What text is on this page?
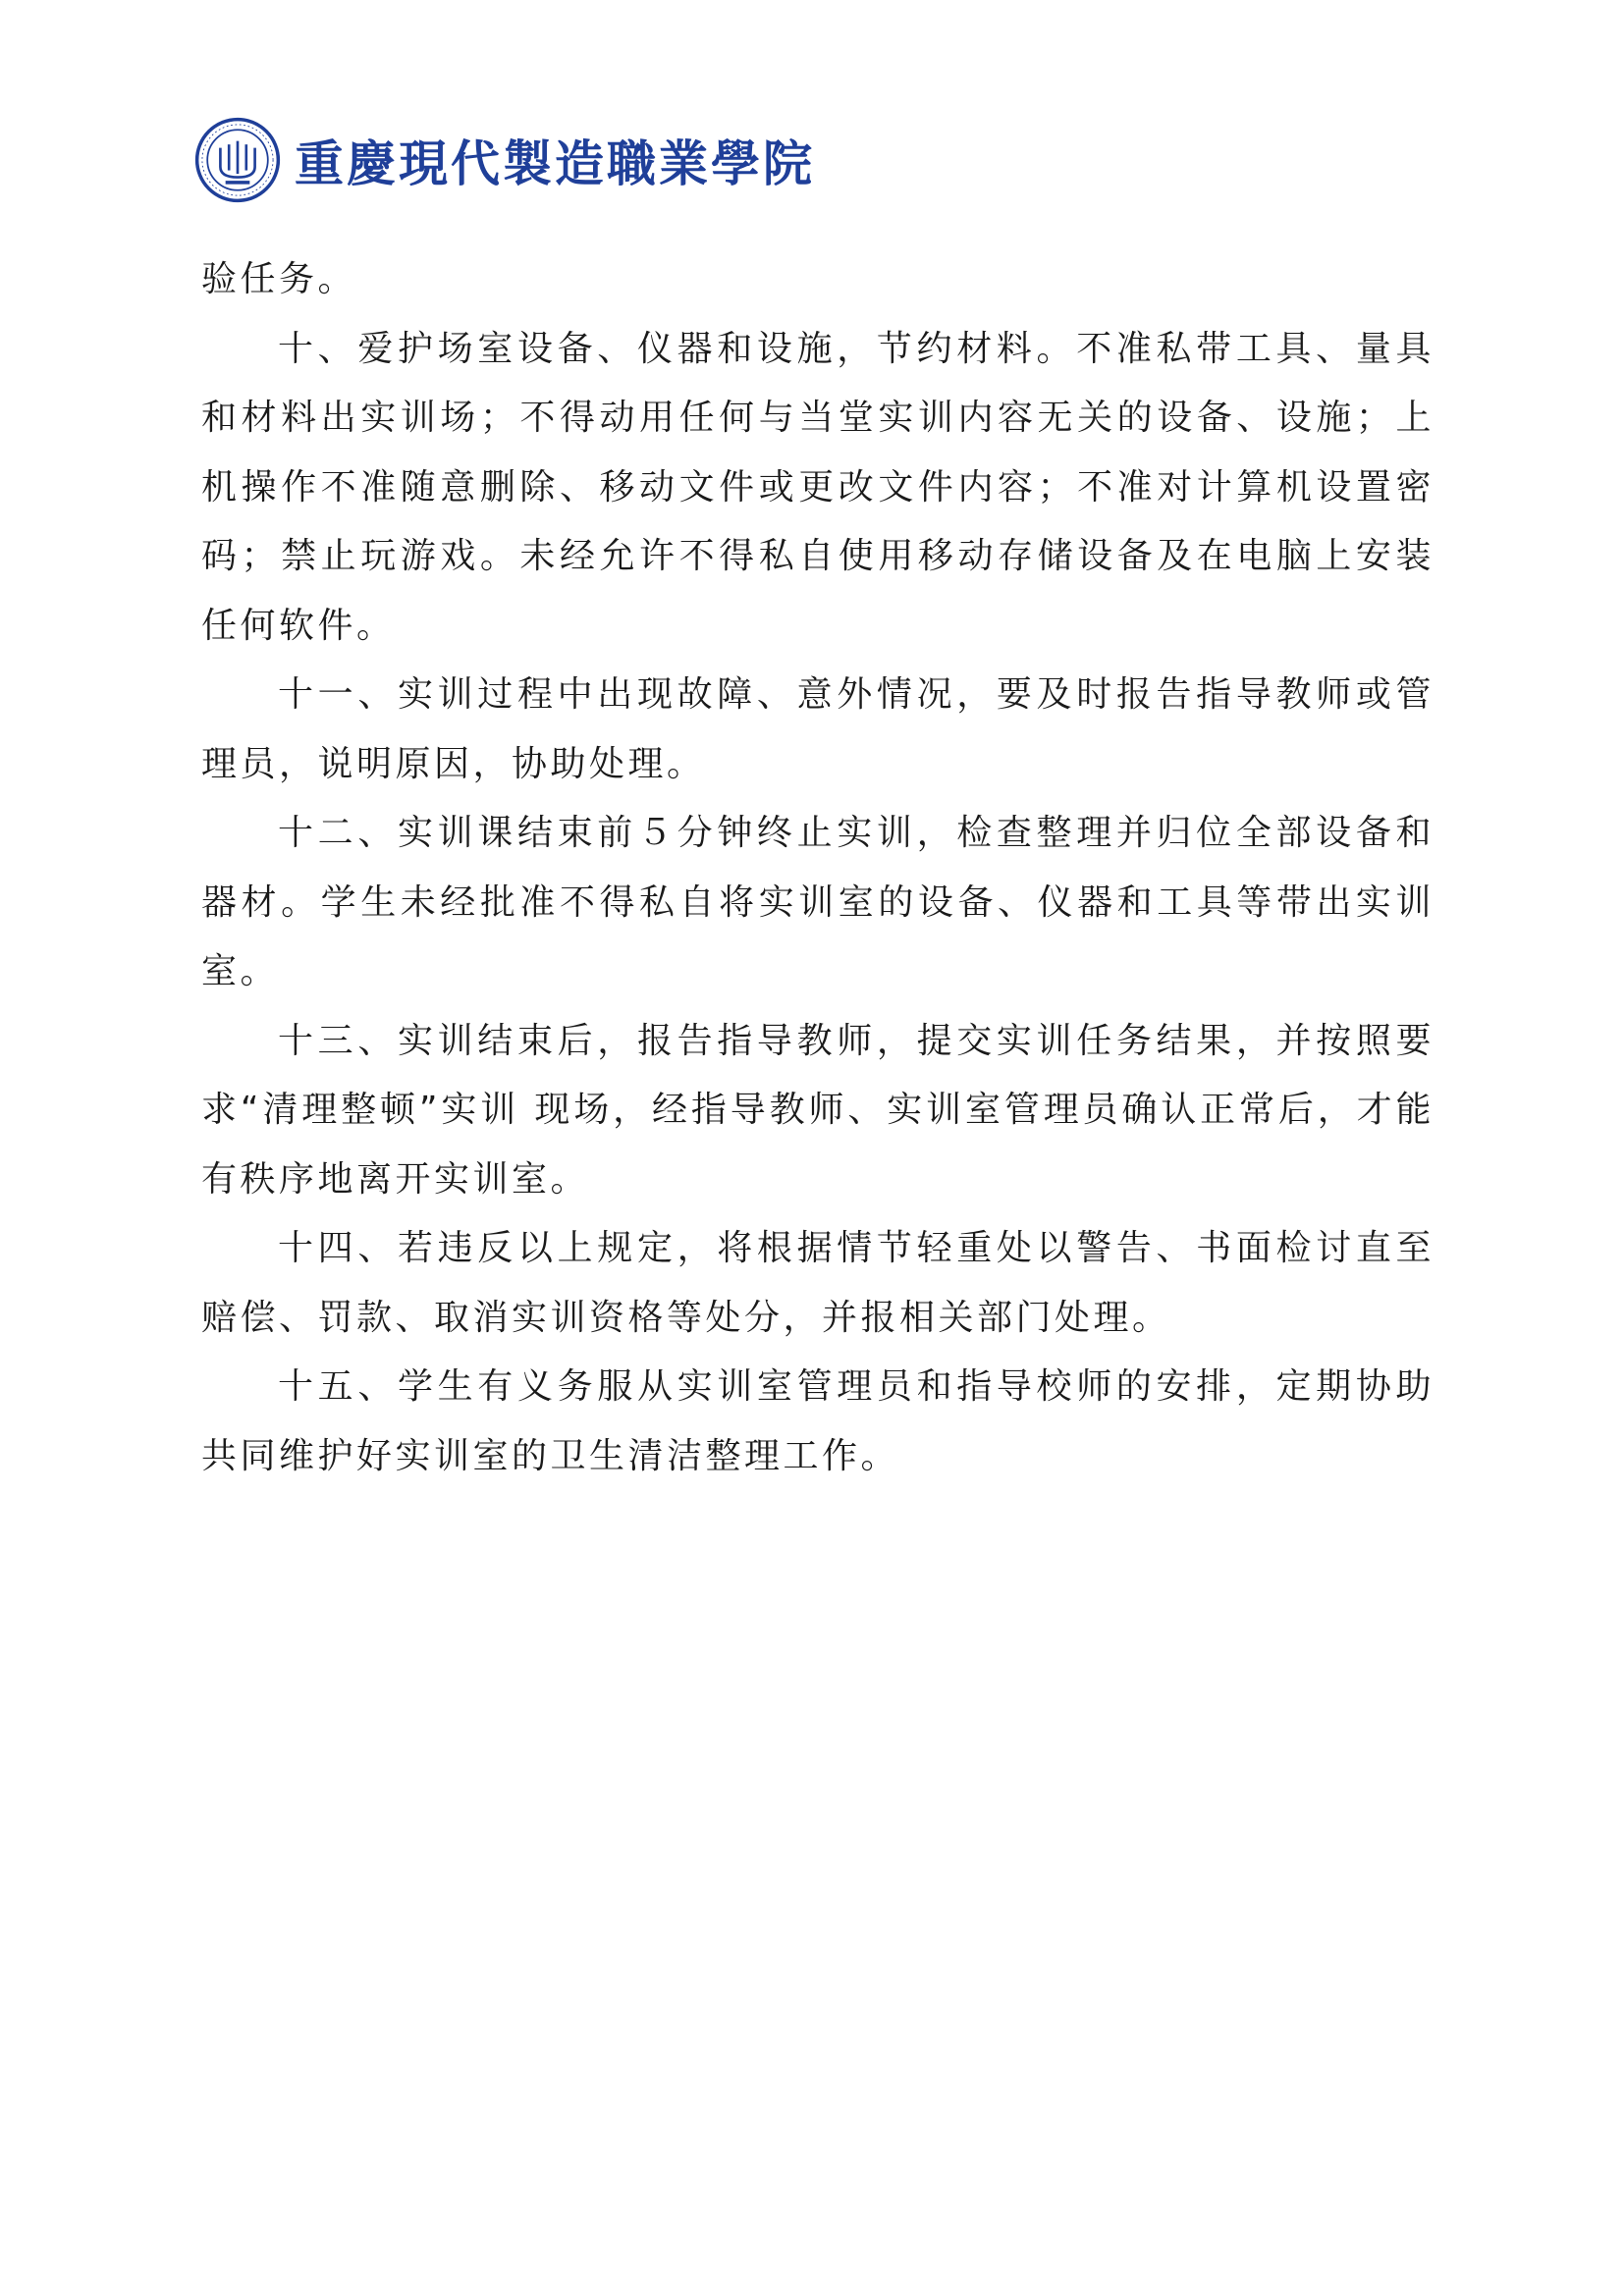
重慶現代製造職業學院

验任务。

十、爱护场室设备、仪器和设施，节约材料。不准私带工具、量具和材料出实训场；不得动用任何与当堂实训内容无关的设备、设施；上机操作不准随意删除、移动文件或更改文件内容；不准对计算机设置密码；禁止玩游戏。未经允许不得私自使用移动存储设备及在电脑上安装任何软件。

十一、实训过程中出现故障、意外情况，要及时报告指导教师或管理员，说明原因，协助处理。

十二、实训课结束前５分钟终止实训，检查整理并归位全部设备和器材。学生未经批准不得私自将实训室的设备、仪器和工具等带出实训室。

十三、实训结束后，报告指导教师，提交实训任务结果，并按照要求“清理整顿”实训 现场，经指导教师、实训室管理员确认正常后，才能有秩序地离开实训室。

十四、若违反以上规定，将根据情节轻重处以警告、书面检讨直至赔偿、罚款、取消实训资格等处分，并报相关部门处理。

十五、学生有义务服从实训室管理员和指导校师的安排，定期协助共同维护好实训室的卫生清洁整理工作。
